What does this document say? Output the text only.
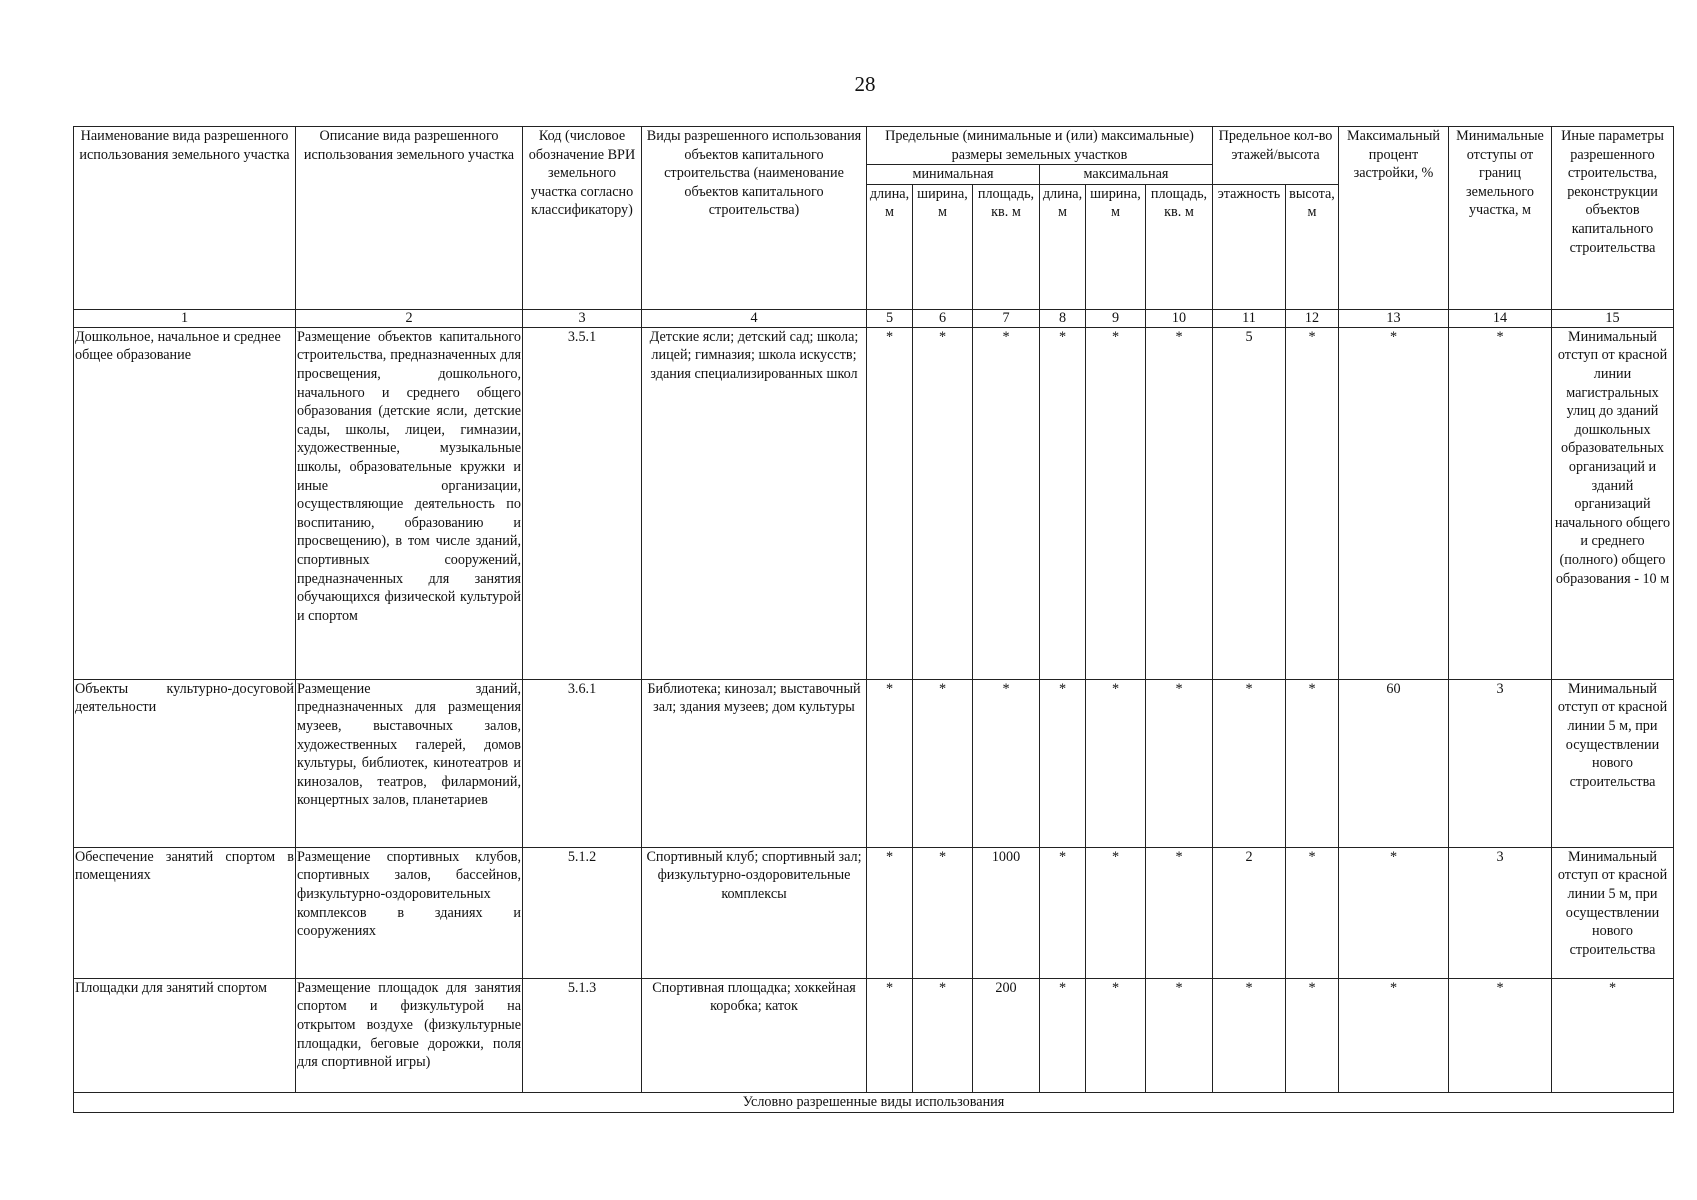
28
Наименование вида разрешенного использования земельного участка	Описание вида разрешенного использования земельного участка	Код (числовое обозначение ВРИ земельного участка согласно классификатору)	Виды разрешенного использования объектов капитального строительства (наименование объектов капитального строительства)	Предельные (минимальные и (или) максимальные) размеры земельных участков						Предельное кол-во этажей/высота		Максимальный процент застройки, %	Минимальные отступы от границ земельного участка, м	Иные параметры разрешенного строительства, реконструкции объектов капитального строительства
				минимальная			максимальная							
				длина, м	ширина, м	площадь, кв. м	длина, м	ширина, м	площадь, кв. м	этажность	высота, м			
1	2	3	4	5	6	7	8	9	10	11	12	13	14	15
Дошкольное, начальное и среднее общее образование	Размещение объектов капитального строительства, предназначенных для просвещения, дошкольного, начального и среднего общего образования (детские ясли, детские сады, школы, лицеи, гимназии, художественные, музыкальные школы, образовательные кружки и иные организации, осуществляющие деятельность по воспитанию, образованию и просвещению), в том числе зданий, спортивных сооружений, предназначенных для занятия обучающихся физической культурой и спортом	3.5.1	Детские ясли; детский сад; школа; лицей; гимназия; школа искусств; здания специализированных школ	*	*	*	*	*	*	5	*	*	*	Минимальный отступ от красной линии магистральных улиц до зданий дошкольных образовательных организаций и зданий организаций начального общего и среднего (полного) общего образования - 10 м
Объекты культурно-досуговой деятельности	Размещение зданий, предназначенных для размещения музеев, выставочных залов, художественных галерей, домов культуры, библиотек, кинотеатров и кинозалов, театров, филармоний, концертных залов, планетариев	3.6.1	Библиотека; кинозал; выставочный зал; здания музеев; дом культуры	*	*	*	*	*	*	*	*	60	3	Минимальный отступ от красной линии 5 м, при осуществлении нового строительства
Обеспечение занятий спортом в помещениях	Размещение спортивных клубов, спортивных залов, бассейнов, физкультурно-оздоровительных комплексов в зданиях и сооружениях	5.1.2	Спортивный клуб; спортивный зал; физкультурно-оздоровительные комплексы	*	*	1000	*	*	*	2	*	*	3	Минимальный отступ от красной линии 5 м, при осуществлении нового строительства
Площадки для занятий спортом	Размещение площадок для занятия спортом и физкультурой на открытом воздухе (физкультурные площадки, беговые дорожки, поля для спортивной игры)	5.1.3	Спортивная площадка; хоккейная коробка; каток	*	*	200	*	*	*	*	*	*	*	*
Условно разрешенные виды использования														
